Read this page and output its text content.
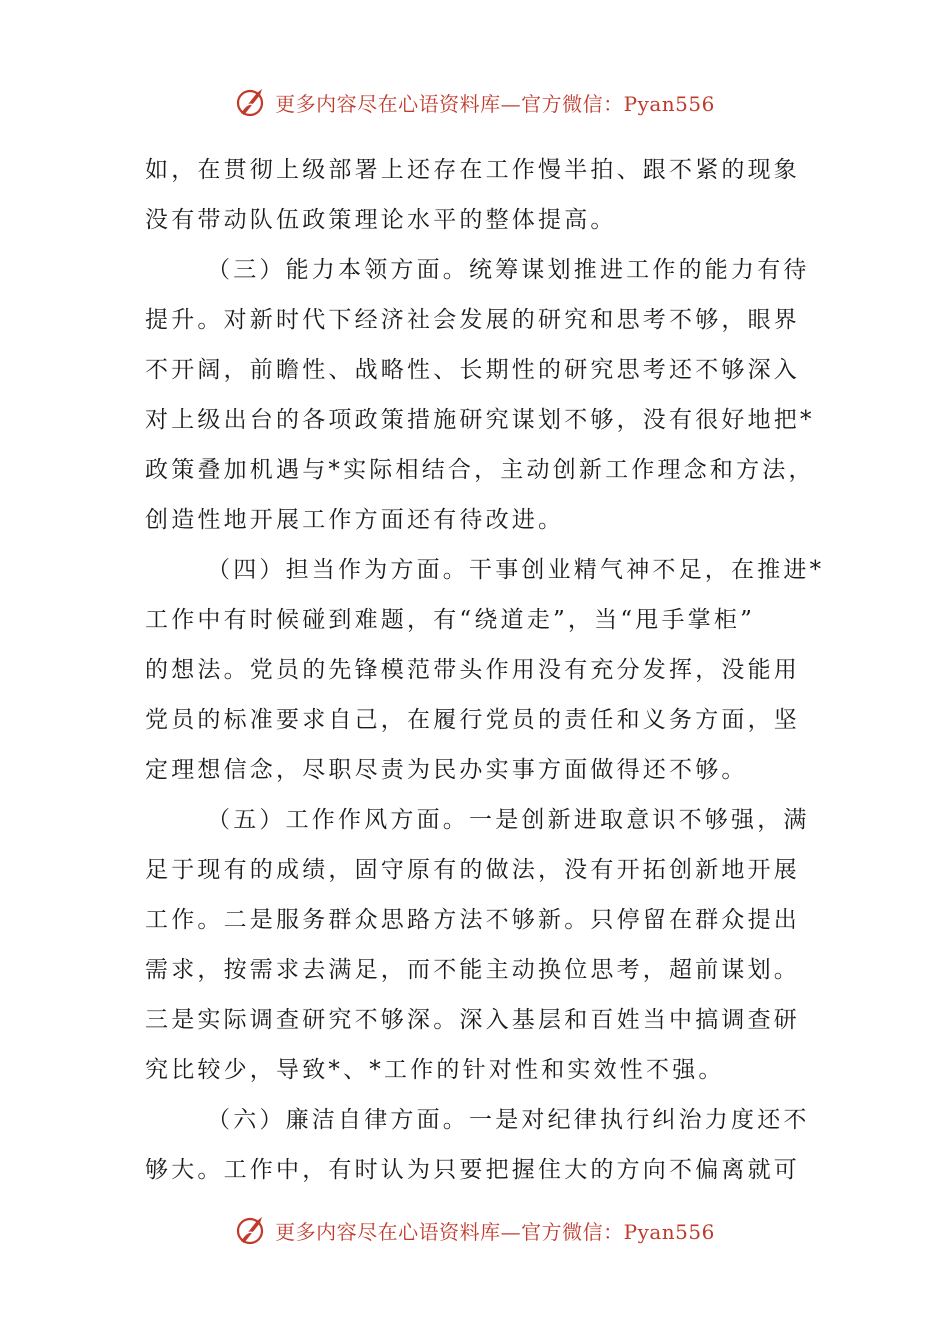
更多内容尽在心语资料库—官方微信：Pyan556
如，在贯彻上级部署上还存在工作慢半拍、跟不紧的现象
没有带动队伍政策理论水平的整体提高。
（三）能力本领方面。统筹谋划推进工作的能力有待
提升。对新时代下经济社会发展的研究和思考不够，眼界
不开阔，前瞻性、战略性、长期性的研究思考还不够深入
对上级出台的各项政策措施研究谋划不够，没有很好地把*
政策叠加机遇与*实际相结合，主动创新工作理念和方法，
创造性地开展工作方面还有待改进。
（四）担当作为方面。干事创业精气神不足，在推进*
工作中有时候碰到难题，有“绕道走”，当“甩手掌柜”
的想法。党员的先锋模范带头作用没有充分发挥，没能用
党员的标准要求自己，在履行党员的责任和义务方面，坚
定理想信念，尽职尽责为民办实事方面做得还不够。
（五）工作作风方面。一是创新进取意识不够强，满
足于现有的成绩，固守原有的做法，没有开拓创新地开展
工作。二是服务群众思路方法不够新。只停留在群众提出
需求，按需求去满足，而不能主动换位思考，超前谋划。
三是实际调查研究不够深。深入基层和百姓当中搞调查研
究比较少，导致*、*工作的针对性和实效性不强。
（六）廉洁自律方面。一是对纪律执行纠治力度还不
够大。工作中，有时认为只要把握住大的方向不偏离就可
更多内容尽在心语资料库—官方微信：Pyan556
